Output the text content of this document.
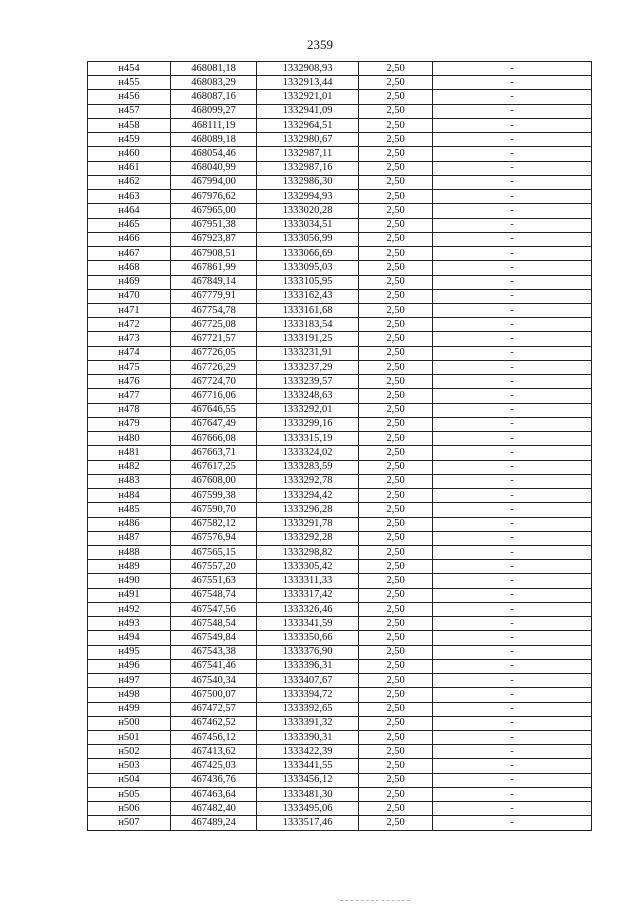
2359
н454	468081,18	1332908,93	2,50	-
н455	468083,29	1332913,44	2,50	-
н456	468087,16	1332921,01	2,50	-
н457	468099,27	1332941,09	2,50	-
н458	468111,19	1332964,51	2,50	-
н459	468089,18	1332980,67	2,50	-
н460	468054,46	1332987,11	2,50	-
н461	468040,99	1332987,16	2,50	-
н462	467994,00	1332986,30	2,50	-
н463	467976,62	1332994,93	2,50	-
н464	467965,00	1333020,28	2,50	-
н465	467951,38	1333034,51	2,50	-
н466	467923,87	1333056,99	2,50	-
н467	467908,51	1333066,69	2,50	-
н468	467861,99	1333095,03	2,50	-
н469	467849,14	1333105,95	2,50	-
н470	467779,91	1333162,43	2,50	-
н471	467754,78	1333161,68	2,50	-
н472	467725,08	1333183,54	2,50	-
н473	467721,57	1333191,25	2,50	-
н474	467726,05	1333231,91	2,50	-
н475	467726,29	1333237,29	2,50	-
н476	467724,70	1333239,57	2,50	-
н477	467716,06	1333248,63	2,50	-
н478	467646,55	1333292,01	2,50	-
н479	467647,49	1333299,16	2,50	-
н480	467666,08	1333315,19	2,50	-
н481	467663,71	1333324,02	2,50	-
н482	467617,25	1333283,59	2,50	-
н483	467608,00	1333292,78	2,50	-
н484	467599,38	1333294,42	2,50	-
н485	467590,70	1333296,28	2,50	-
н486	467582,12	1333291,78	2,50	-
н487	467576,94	1333292,28	2,50	-
н488	467565,15	1333298,82	2,50	-
н489	467557,20	1333305,42	2,50	-
н490	467551,63	1333311,33	2,50	-
н491	467548,74	1333317,42	2,50	-
н492	467547,56	1333326,46	2,50	-
н493	467548,54	1333341,59	2,50	-
н494	467549,84	1333350,66	2,50	-
н495	467543,38	1333376,90	2,50	-
н496	467541,46	1333396,31	2,50	-
н497	467540,34	1333407,67	2,50	-
н498	467500,07	1333394,72	2,50	-
н499	467472,57	1333392,65	2,50	-
н500	467462,52	1333391,32	2,50	-
н501	467456,12	1333390,31	2,50	-
н502	467413,62	1333422,39	2,50	-
н503	467425,03	1333441,55	2,50	-
н504	467436,76	1333456,12	2,50	-
н505	467463,64	1333481,30	2,50	-
н506	467482,40	1333495,06	2,50	-
н507	467489,24	1333517,46	2,50	-
